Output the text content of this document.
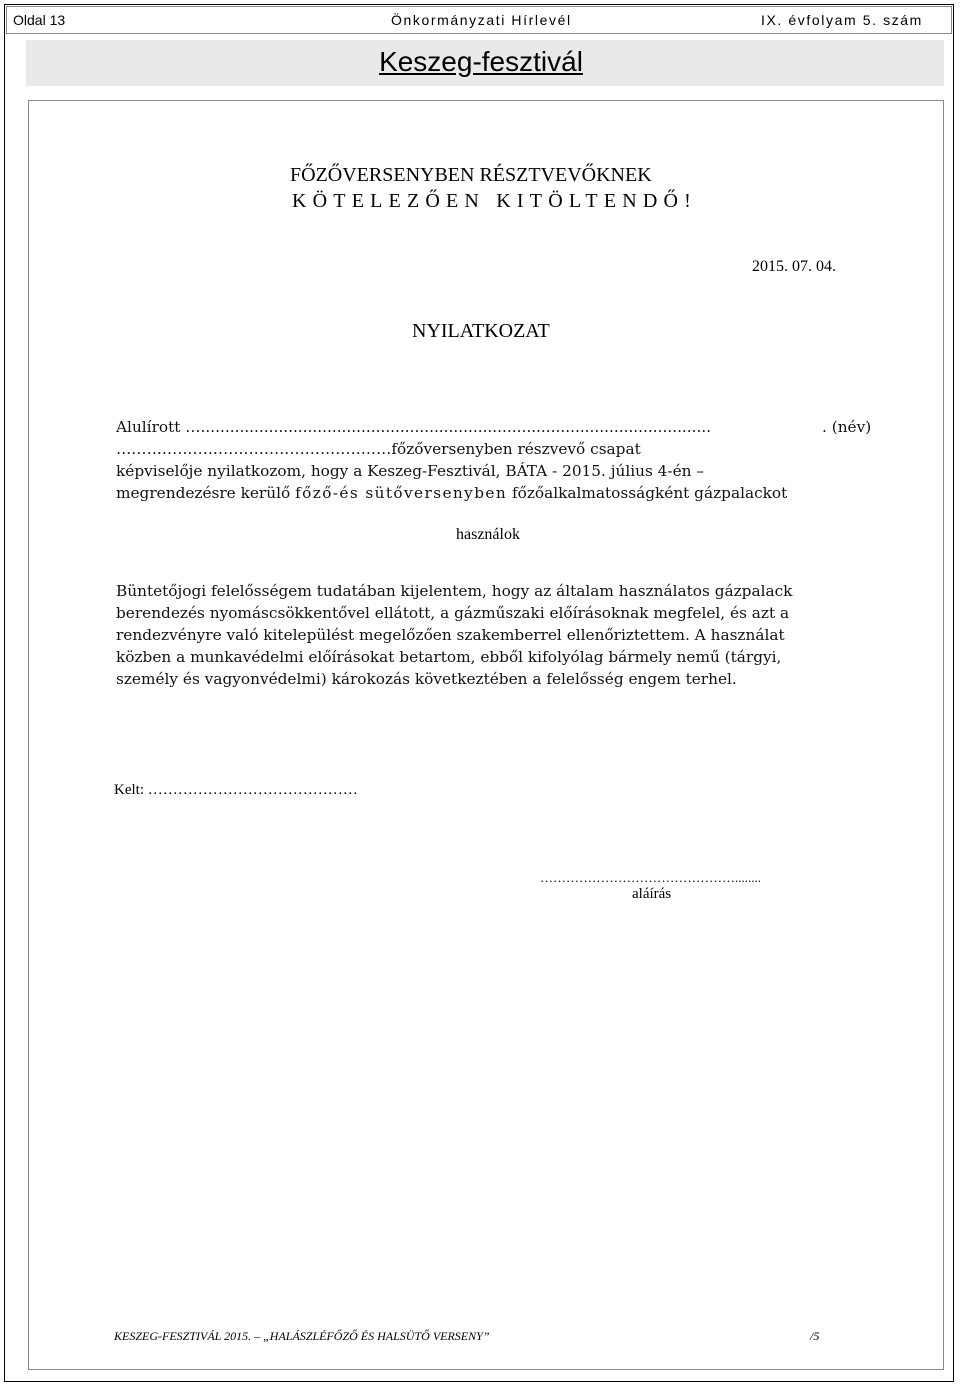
Oldal 13	Önkormányzati Hírlevél	IX. évfolyam 5. szám
Keszeg-fesztivál
FŐZŐVERSENYBEN RÉSZTVEVŐKNEK
KÖTELEZŐEN KITÖLTENDŐ!
2015. 07. 04.
NYILATKOZAT
Alulírott ….........................................................................................................	. (név)
………………………………………………főzőversenyben részvevő csapat
képviselője nyilatkozom, hogy a Keszeg-Fesztivál, BÁTA - 2015. július 4-én –
megrendezésre kerülő főző-és sütőversenyben főzőalkalmatosságként gázpalackot
használok
Büntetőjogi felelősségem tudatában kijelentem, hogy az általam használatos gázpalack
berendezés nyomáscsökkentővel ellátott, a gázműszaki előírásoknak megfelel, és azt a
rendezvényre való kitelepülést megelőzően szakemberrel ellenőriztettem. A használat
közben a munkavédelmi előírásokat betartom, ebből kifolyólag bármely nemű (tárgyi,
személy és vagyonvédelmi) károkozás következtében a felelősség engem terhel.
Kelt: ……………………………………
………………………………………........
aláírás
KESZEG-FESZTIVÁL 2015. – „HALÁSZLÉFŐZŐ ÉS HALSÜTŐ VERSENY”	/5
